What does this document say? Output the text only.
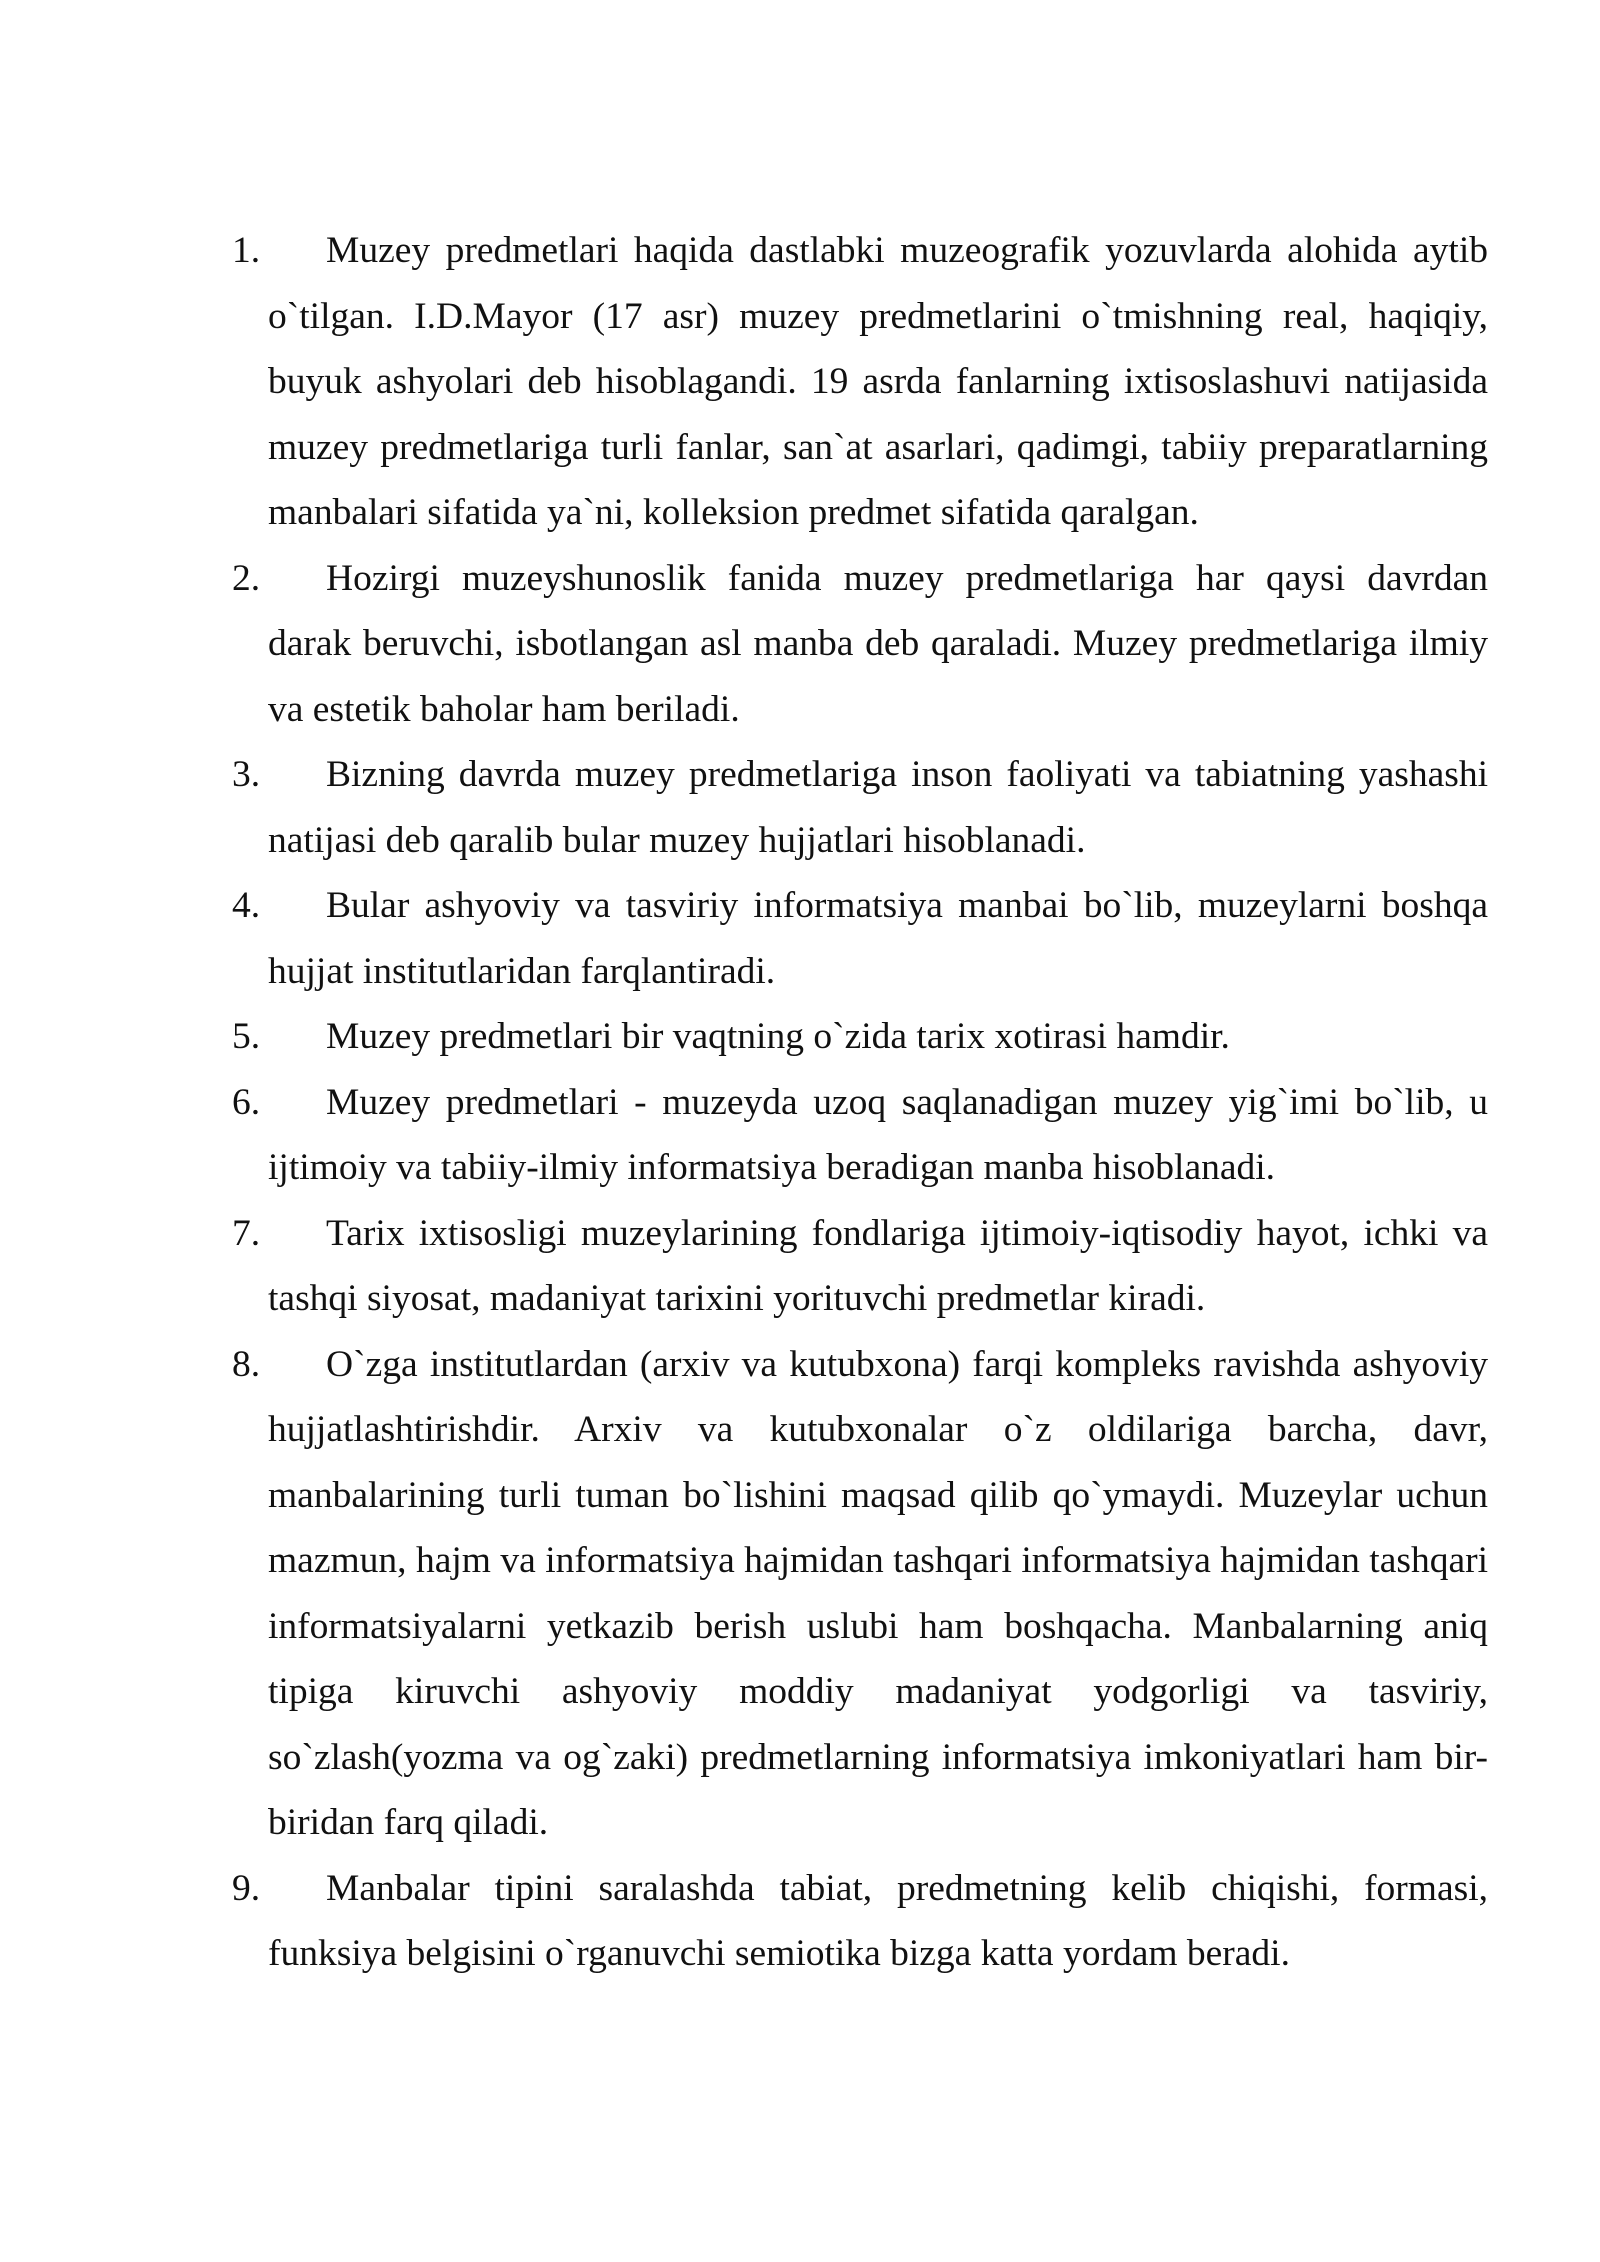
1.	Muzey predmetlari haqida dastlabki muzeografik yozuvlarda alohida aytib o`tilgan. I.D.Mayor (17 asr) muzey predmetlarini o`tmishning real, haqiqiy, buyuk ashyolari deb hisoblagandi. 19 asrda fanlarning ixtisoslashuvi natijasida muzey predmetlariga turli fanlar, san`at asarlari, qadimgi, tabiiy preparatlarning manbalari sifatida ya`ni, kolleksion predmet sifatida qaralgan.
2.	Hozirgi muzeyshunoslik fanida muzey predmetlariga har qaysi davrdan darak beruvchi, isbotlangan asl manba deb qaraladi. Muzey predmetlariga ilmiy va estetik baholar ham beriladi.
3.	Bizning davrda muzey predmetlariga inson faoliyati va tabiatning yashashi natijasi deb qaralib bular muzey hujjatlari hisoblanadi.
4.	Bular ashyoviy va tasviriy informatsiya manbai bo`lib, muzeylarni boshqa hujjat institutlaridan farqlantiradi.
5.	Muzey predmetlari bir vaqtning o`zida tarix xotirasi hamdir.
6.	Muzey predmetlari - muzeyda uzoq saqlanadigan muzey yig`imi bo`lib, u ijtimoiy va tabiiy-ilmiy informatsiya beradigan manba hisoblanadi.
7.	Tarix ixtisosligi muzeylarining fondlariga ijtimoiy-iqtisodiy hayot, ichki va tashqi siyosat, madaniyat tarixini yorituvchi predmetlar kiradi.
8.	O`zga institutlardan (arxiv va kutubxona) farqi kompleks ravishda ashyoviy hujjatlashtirishdir. Arxiv va kutubxonalar o`z oldilariga barcha, davr, manbalarining turli tuman bo`lishini maqsad qilib qo`ymaydi. Muzeylar uchun mazmun, hajm va informatsiya hajmidan tashqari informatsiya hajmidan tashqari informatsiyalarni yetkazib berish uslubi ham boshqacha. Manbalarning aniq tipiga kiruvchi ashyoviy moddiy madaniyat yodgorligi va tasviriy, so`zlash(yozma va og`zaki) predmetlarning informatsiya imkoniyatlari ham bir-biridan farq qiladi.
9.	Manbalar tipini saralashda tabiat, predmetning kelib chiqishi, formasi, funksiya belgisini o`rganuvchi semiotika bizga katta yordam beradi.
